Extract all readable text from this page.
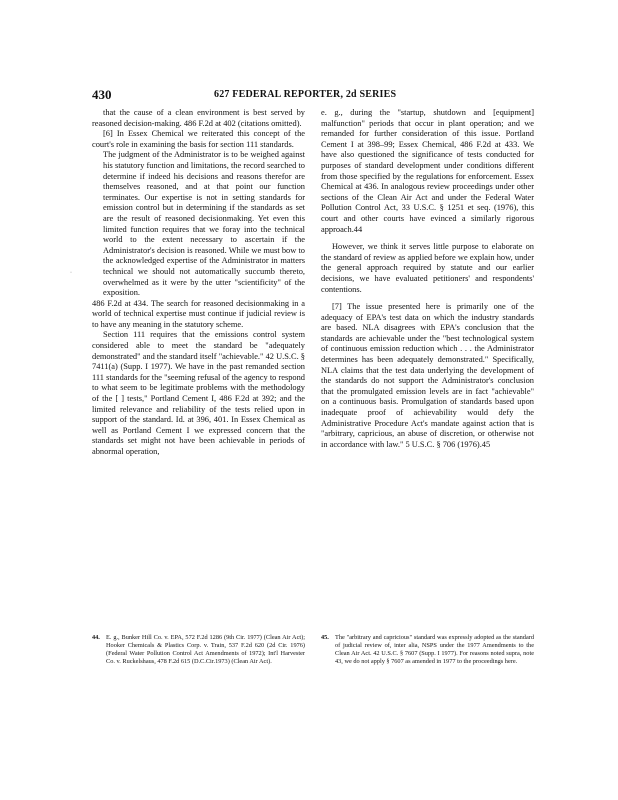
430	627 FEDERAL REPORTER, 2d SERIES
·

that the cause of a clean environment is best served by reasoned decision-making. 486 F.2d at 402 (citations omitted).

[6] In Essex Chemical we reiterated this concept of the court's role in examining the basis for section 111 standards.

The judgment of the Administrator is to be weighed against his statutory function and limitations, the record searched to determine if indeed his decisions and reasons therefor are themselves reasoned, and at that point our function terminates. Our expertise is not in setting standards for emission control but in determining if the standards as set are the result of reasoned decisionmaking. Yet even this limited function requires that we foray into the technical world to the extent necessary to ascertain if the Administrator's decision is reasoned. While we must bow to the acknowledged expertise of the Administrator in matters technical we should not automatically succumb thereto, overwhelmed as it were by the utter "scientificity" of the exposition.

486 F.2d at 434. The search for reasoned decisionmaking in a world of technical expertise must continue if judicial review is to have any meaning in the statutory scheme.

Section 111 requires that the emissions control system considered able to meet the standard be "adequately demonstrated" and the standard itself "achievable." 42 U.S.C. § 7411(a) (Supp. I 1977). We have in the past remanded section 111 standards for the "seeming refusal of the agency to respond to what seem to be legitimate problems with the methodology of the [ ] tests," Portland Cement I, 486 F.2d at 392; and the limited relevance and reliability of the tests relied upon in support of the standard. Id. at 396, 401. In Essex Chemical as well as Portland Cement I we expressed concern that the standards set might not have been achievable in periods of abnormal operation,

e. g., during the "startup, shutdown and [equipment] malfunction" periods that occur in plant operation; and we remanded for further consideration of this issue. Portland Cement I at 398–99; Essex Chemical, 486 F.2d at 433. We have also questioned the significance of tests conducted for purposes of standard development under conditions different from those specified by the regulations for enforcement. Essex Chemical at 436. In analogous review proceedings under other sections of the Clean Air Act and under the Federal Water Pollution Control Act, 33 U.S.C. § 1251 et seq. (1976), this court and other courts have evinced a similarly rigorous approach.44

However, we think it serves little purpose to elaborate on the standard of review as applied before we explain how, under the general approach required by statute and our earlier decisions, we have evaluated petitioners' and respondents' contentions.

[7] The issue presented here is primarily one of the adequacy of EPA's test data on which the industry standards are based. NLA disagrees with EPA's conclusion that the standards are achievable under the "best technological system of continuous emission reduction which . . . the Administrator determines has been adequately demonstrated." Specifically, NLA claims that the test data underlying the development of the standards do not support the Administrator's conclusion that the promulgated emission levels are in fact "achievable" on a continuous basis. Promulgation of standards based upon inadequate proof of achievability would defy the Administrative Procedure Act's mandate against action that is "arbitrary, capricious, an abuse of discretion, or otherwise not in accordance with law." 5 U.S.C. § 706 (1976).45

44. E. g., Bunker Hill Co. v. EPA, 572 F.2d 1286 (9th Cir. 1977) (Clean Air Act); Hooker Chemicals & Plastics Corp. v. Train, 537 F.2d 620 (2d Cir. 1976) (Federal Water Pollution Control Act Amendments of 1972); Int'l Harvester Co. v. Ruckelshaus, 478 F.2d 615 (D.C.Cir.1973) (Clean Air Act).
45. The "arbitrary and capricious" standard was expressly adopted as the standard of judicial review of, inter alia, NSPS under the 1977 Amendments to the Clean Air Act. 42 U.S.C. § 7607 (Supp. I 1977). For reasons noted supra, note 43, we do not apply § 7607 as amended in 1977 to the proceedings here.
